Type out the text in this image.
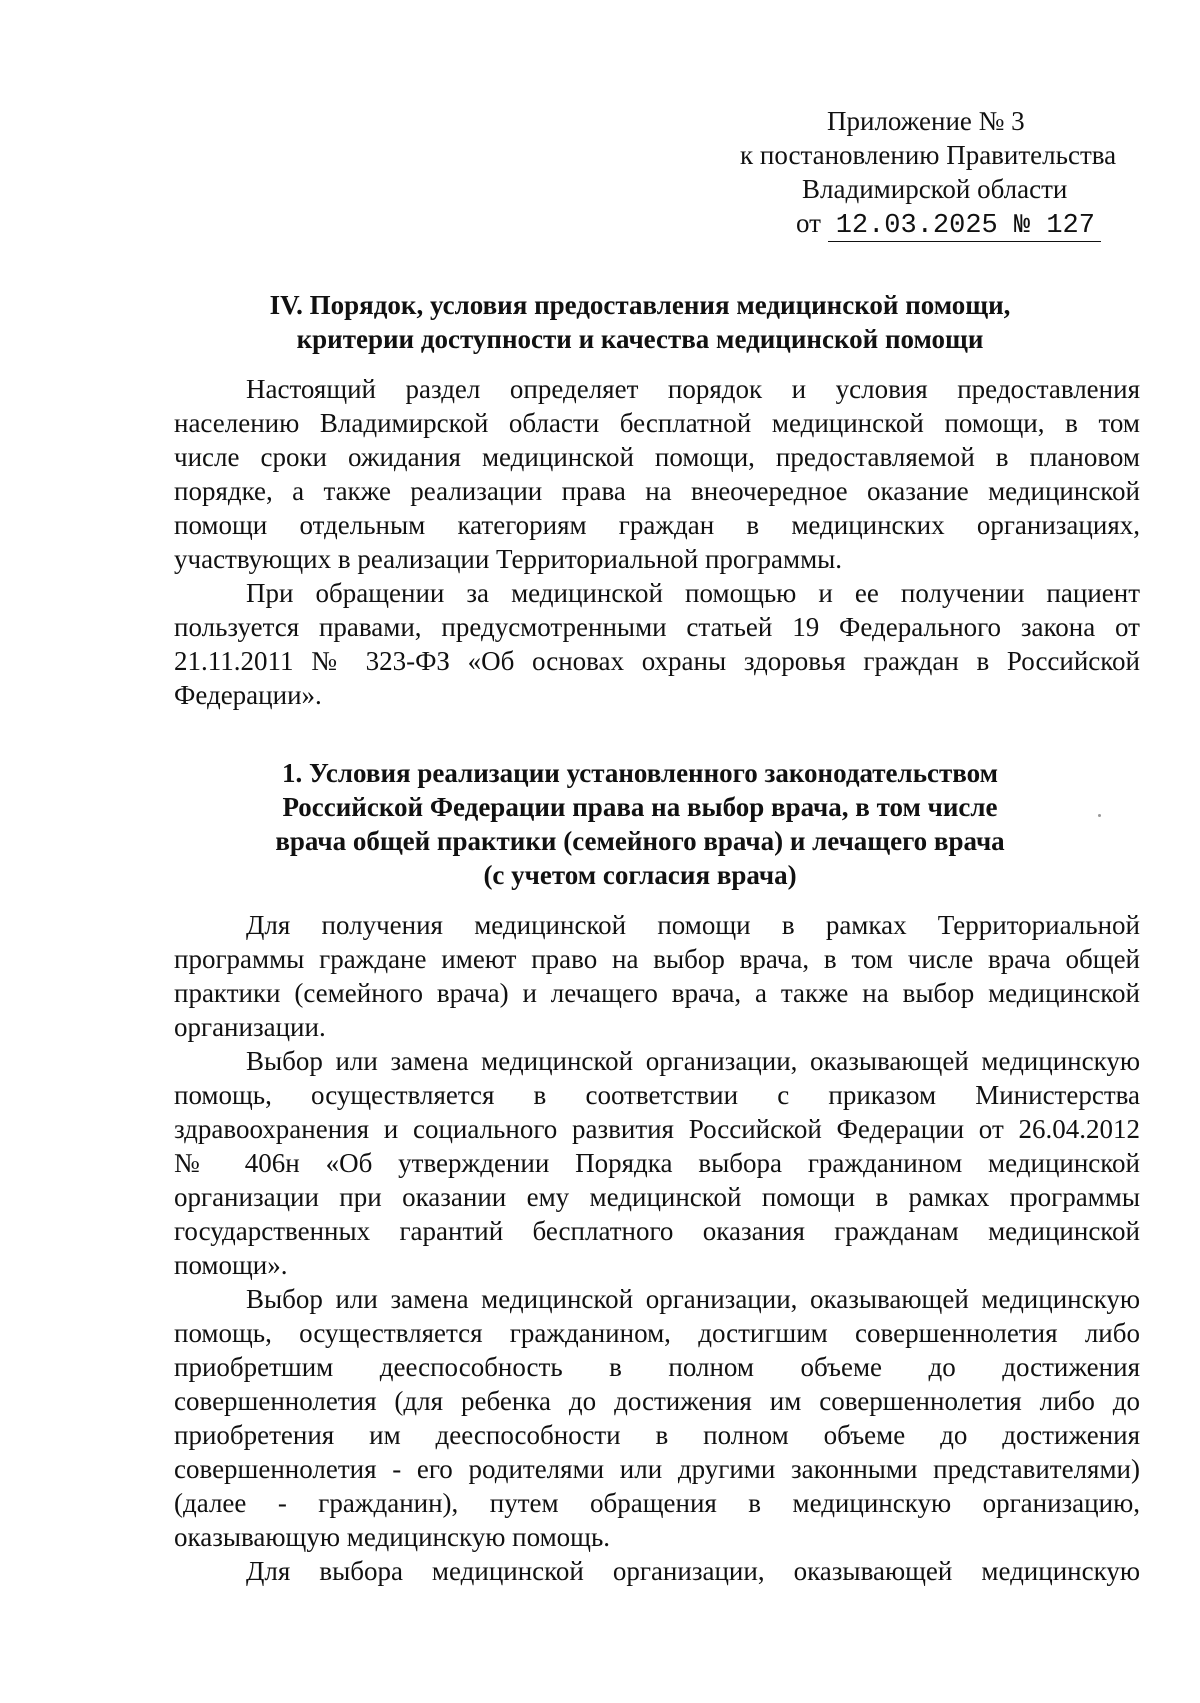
Приложение № 3
к постановлению Правительства
Владимирской области
от 12.03.2025 № 127
IV. Порядок, условия предоставления медицинской помощи,
критерии доступности и качества медицинской помощи
Настоящий раздел определяет порядок и условия предоставления
населению Владимирской области бесплатной медицинской помощи, в том
числе сроки ожидания медицинской помощи, предоставляемой в плановом
порядке, а также реализации права на внеочередное оказание медицинской
помощи отдельным категориям граждан в медицинских организациях,
участвующих в реализации Территориальной программы.
При обращении за медицинской помощью и ее получении пациент
пользуется правами, предусмотренными статьей 19 Федерального закона от
21.11.2011 № 323-ФЗ «Об основах охраны здоровья граждан в Российской
Федерации».
1. Условия реализации установленного законодательством
Российской Федерации права на выбор врача, в том числе
врача общей практики (семейного врача) и лечащего врача
(с учетом согласия врача)
Для получения медицинской помощи в рамках Территориальной
программы граждане имеют право на выбор врача, в том числе врача общей
практики (семейного врача) и лечащего врача, а также на выбор медицинской
организации.
Выбор или замена медицинской организации, оказывающей медицинскую
помощь, осуществляется в соответствии с приказом Министерства
здравоохранения и социального развития Российской Федерации от 26.04.2012
№ 406н «Об утверждении Порядка выбора гражданином медицинской
организации при оказании ему медицинской помощи в рамках программы
государственных гарантий бесплатного оказания гражданам медицинской
помощи».
Выбор или замена медицинской организации, оказывающей медицинскую
помощь, осуществляется гражданином, достигшим совершеннолетия либо
приобретшим дееспособность в полном объеме до достижения
совершеннолетия (для ребенка до достижения им совершеннолетия либо до
приобретения им дееспособности в полном объеме до достижения
совершеннолетия - его родителями или другими законными представителями)
(далее - гражданин), путем обращения в медицинскую организацию,
оказывающую медицинскую помощь.
Для выбора медицинской организации, оказывающей медицинскую
